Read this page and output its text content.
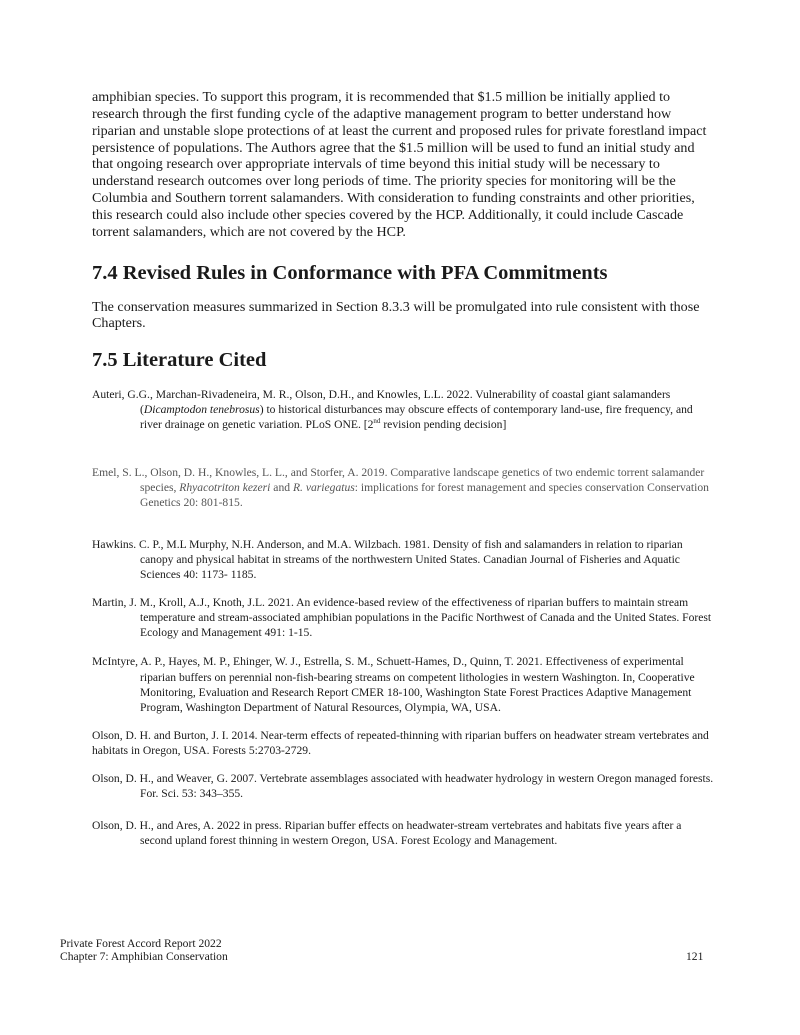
amphibian species. To support this program, it is recommended that $1.5 million be initially applied to research through the first funding cycle of the adaptive management program to better understand how riparian and unstable slope protections of at least the current and proposed rules for private forestland impact persistence of populations. The Authors agree that the $1.5 million will be used to fund an initial study and that ongoing research over appropriate intervals of time beyond this initial study will be necessary to understand research outcomes over long periods of time. The priority species for monitoring will be the Columbia and Southern torrent salamanders. With consideration to funding constraints and other priorities, this research could also include other species covered by the HCP. Additionally, it could include Cascade torrent salamanders, which are not covered by the HCP.

7.4 Revised Rules in Conformance with PFA Commitments

The conservation measures summarized in Section 8.3.3 will be promulgated into rule consistent with those Chapters.

7.5 Literature Cited

Auteri, G.G., Marchan-Rivadeneira, M. R., Olson, D.H., and Knowles, L.L. 2022. Vulnerability of coastal giant salamanders (Dicamptodon tenebrosus) to historical disturbances may obscure effects of contemporary land-use, fire frequency, and river drainage on genetic variation. PLoS ONE. [2nd revision pending decision]

Emel, S. L., Olson, D. H., Knowles, L. L., and Storfer, A. 2019. Comparative landscape genetics of two endemic torrent salamander species, Rhyacotriton kezeri and R. variegatus: implications for forest management and species conservation Conservation Genetics 20: 801-815.

Hawkins. C. P., M.L Murphy, N.H. Anderson, and M.A. Wilzbach. 1981. Density of fish and salamanders in relation to riparian canopy and physical habitat in streams of the northwestern United States. Canadian Journal of Fisheries and Aquatic Sciences 40: 1173- 1185.

Martin, J. M., Kroll, A.J., Knoth, J.L. 2021. An evidence-based review of the effectiveness of riparian buffers to maintain stream temperature and stream-associated amphibian populations in the Pacific Northwest of Canada and the United States. Forest Ecology and Management 491: 1-15.

McIntyre, A. P., Hayes, M. P., Ehinger, W. J., Estrella, S. M., Schuett-Hames, D., Quinn, T. 2021. Effectiveness of experimental riparian buffers on perennial non-fish-bearing streams on competent lithologies in western Washington. In, Cooperative Monitoring, Evaluation and Research Report CMER 18-100, Washington State Forest Practices Adaptive Management Program, Washington Department of Natural Resources, Olympia, WA, USA.

Olson, D. H. and Burton, J. I. 2014. Near-term effects of repeated-thinning with riparian buffers on headwater stream vertebrates and habitats in Oregon, USA. Forests 5:2703-2729.

Olson, D. H., and Weaver, G. 2007. Vertebrate assemblages associated with headwater hydrology in western Oregon managed forests. For. Sci. 53: 343–355.

Olson, D. H., and Ares, A. 2022 in press. Riparian buffer effects on headwater-stream vertebrates and habitats five years after a second upland forest thinning in western Oregon, USA. Forest Ecology and Management.

Private Forest Accord Report 2022
Chapter 7: Amphibian Conservation	121
